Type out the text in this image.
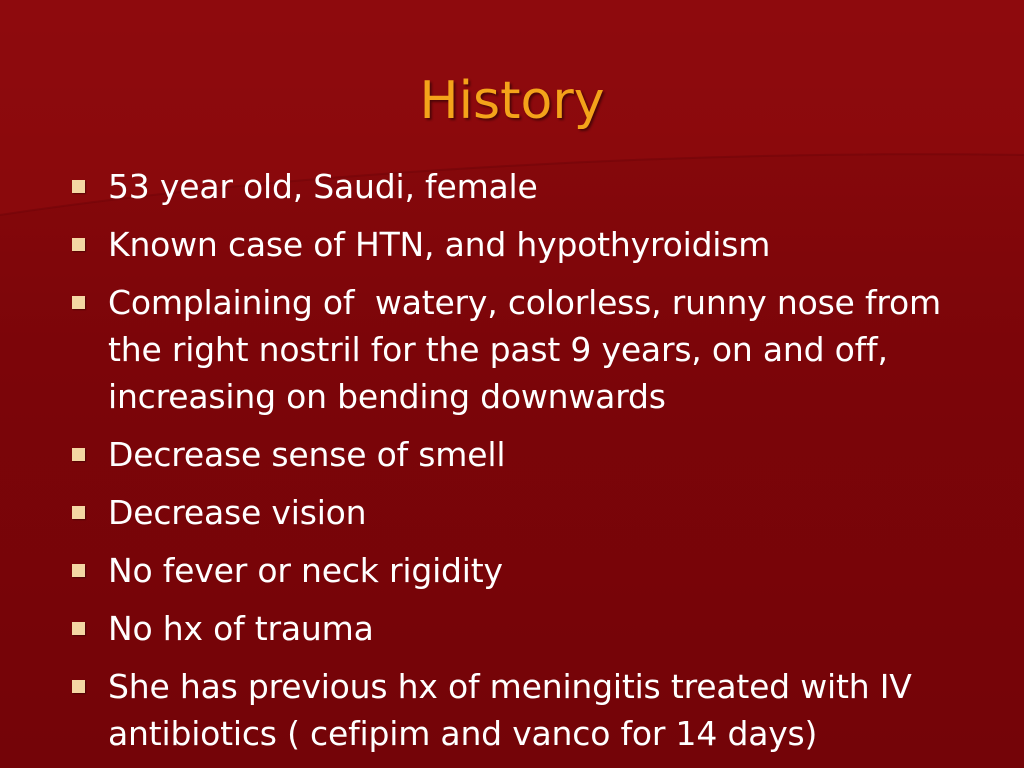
History
53 year old, Saudi, female
Known case of HTN, and hypothyroidism
Complaining of  watery, colorless, runny nose from the right nostril for the past 9 years, on and off, increasing on bending downwards
Decrease sense of smell
Decrease vision
No fever or neck rigidity
No hx of trauma
She has previous hx of meningitis treated with IV antibiotics ( cefipim and vanco for 14 days)
